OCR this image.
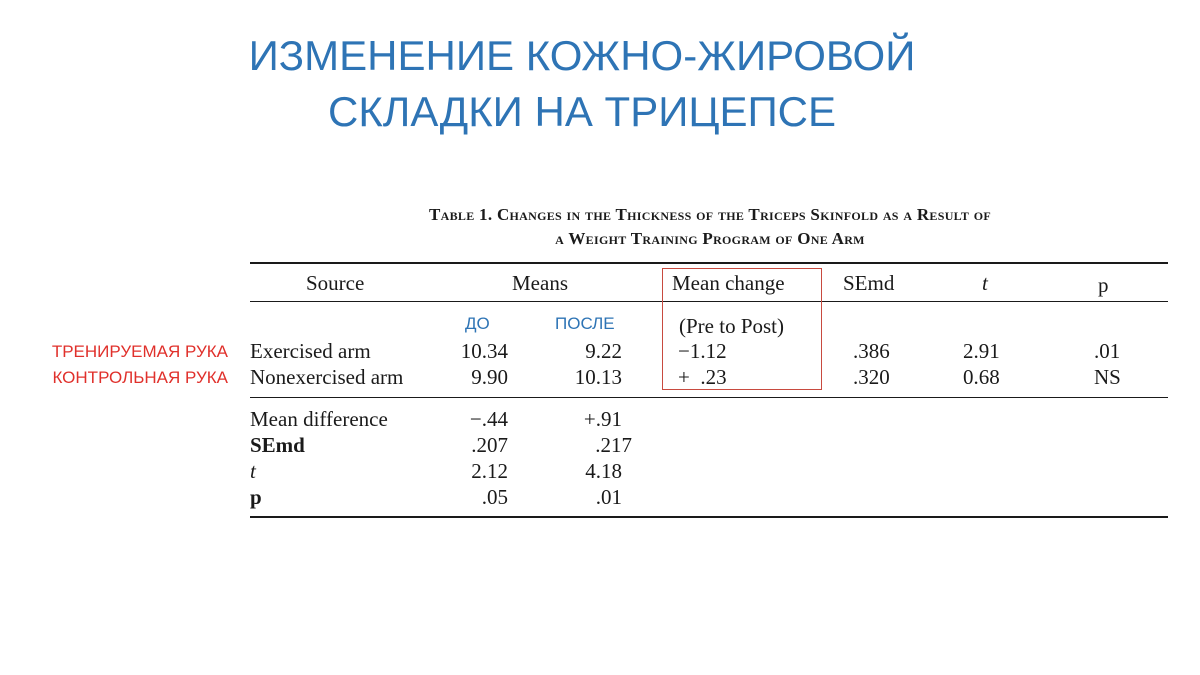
ИЗМЕНЕНИЕ КОЖНО-ЖИРОВОЙ
СКЛАДКИ НА ТРИЦЕПСЕ
Table 1. Changes in the Thickness of the Triceps Skinfold as a Result of
a Weight Training Program of One Arm
Source	Means	Mean change	SEmd	t	p
ДО	ПОСЛЕ	(Pre to Post)
ТРЕНИРУЕМАЯ РУКА Exercised arm	10.34	9.22	−1.12	.386	2.91	.01
КОНТРОЛЬНАЯ РУКА Nonexercised arm	9.90	10.13	+  .23	.320	0.68	NS
Mean difference	−.44	+.91
SEmd	.207	.217
t	2.12	4.18
p	.05	.01
